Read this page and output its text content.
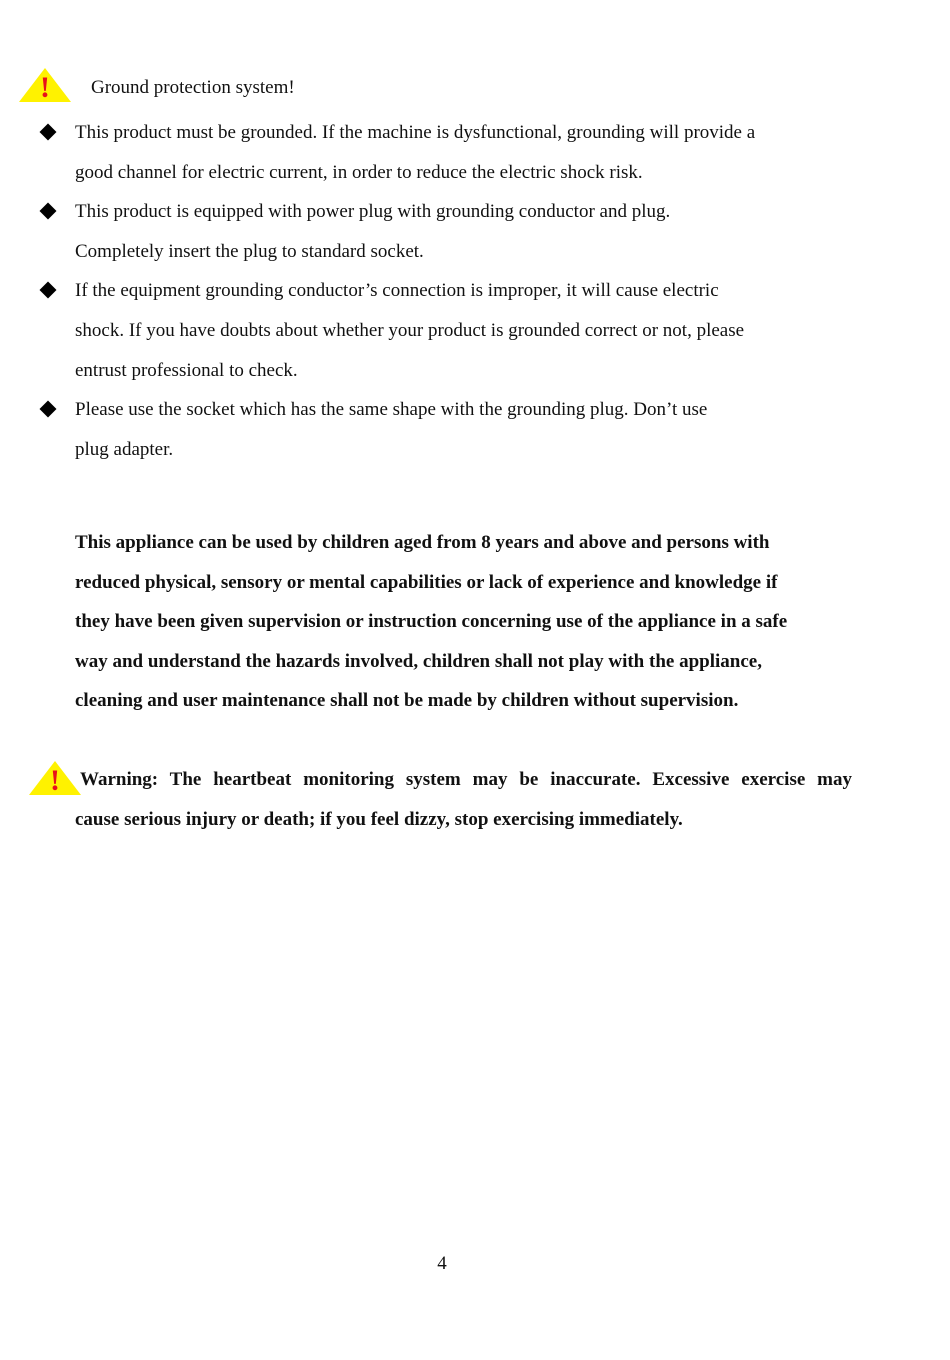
! Ground protection system!
This product must be grounded. If the machine is dysfunctional, grounding will provide a
good channel for electric current, in order to reduce the electric shock risk.
This product is equipped with power plug with grounding conductor and plug.
Completely insert the plug to standard socket.
If the equipment grounding conductor’s connection is improper, it will cause electric
shock. If you have doubts about whether your product is grounded correct or not, please
entrust professional to check.
Please use the socket which has the same shape with the grounding plug. Don’t use
plug adapter.
This appliance can be used by children aged from 8 years and above and persons with
reduced physical, sensory or mental capabilities or lack of experience and knowledge if
they have been given supervision or instruction concerning use of the appliance in a safe
way and understand the hazards involved, children shall not play with the appliance,
cleaning and user maintenance shall not be made by children without supervision.
! Warning: The heartbeat monitoring system may be inaccurate. Excessive exercise may
cause serious injury or death; if you feel dizzy, stop exercising immediately.
4
